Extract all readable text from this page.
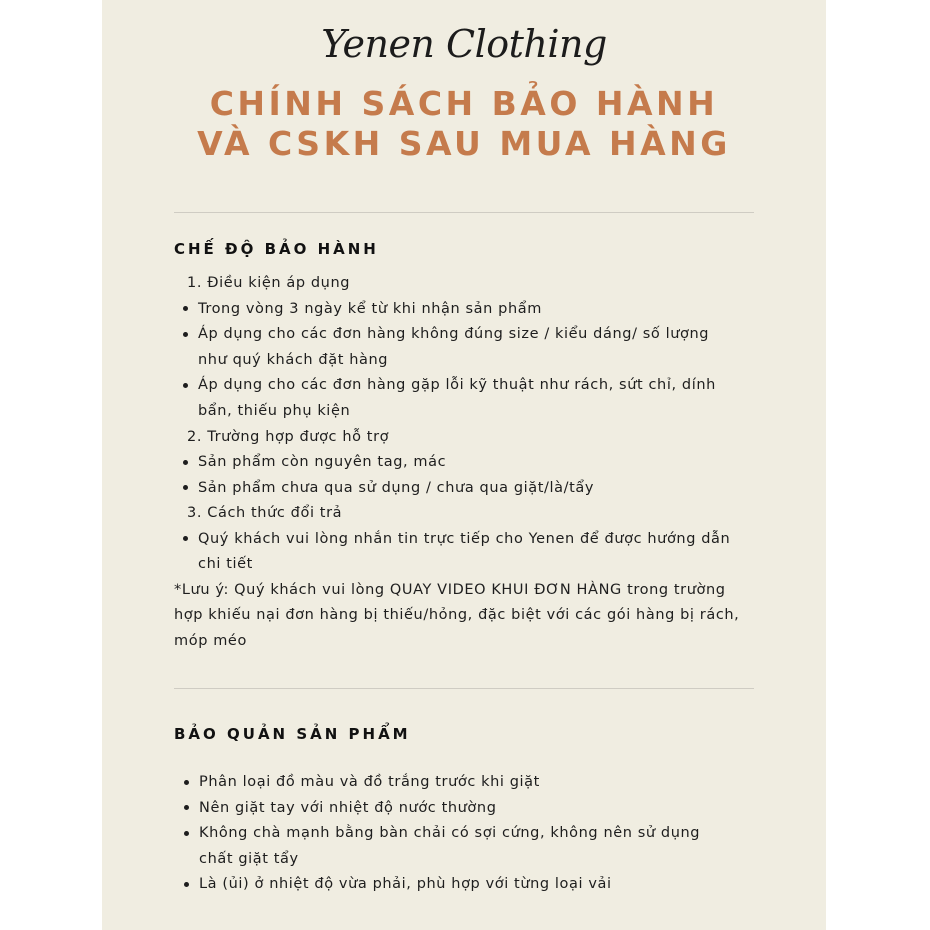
Yenen Clothing
CHÍNH SÁCH BẢO HÀNH
VÀ CSKH SAU MUA HÀNG
CHẾ ĐỘ BẢO HÀNH
1. Điều kiện áp dụng
Trong vòng 3 ngày kể từ khi nhận sản phẩm
Áp dụng cho các đơn hàng không đúng size / kiểu dáng/ số lượng
như quý khách đặt hàng
Áp dụng cho các đơn hàng gặp lỗi kỹ thuật như rách, sứt chỉ, dính
bẩn, thiếu phụ kiện
2. Trường hợp được hỗ trợ
Sản phẩm còn nguyên tag, mác
Sản phẩm chưa qua sử dụng / chưa qua giặt/là/tẩy
3. Cách thức đổi trả
Quý khách vui lòng nhắn tin trực tiếp cho Yenen để được hướng dẫn
chi tiết
*Lưu ý: Quý khách vui lòng QUAY VIDEO KHUI ĐƠN HÀNG trong trường
hợp khiếu nại đơn hàng bị thiếu/hỏng, đặc biệt với các gói hàng bị rách,
móp méo
BẢO QUẢN SẢN PHẨM
Phân loại đồ màu và đồ trắng trước khi giặt
Nên giặt tay với nhiệt độ nước thường
Không chà mạnh bằng bàn chải có sợi cứng, không nên sử dụng
chất giặt tẩy
Là (ủi) ở nhiệt độ vừa phải, phù hợp với từng loại vải
